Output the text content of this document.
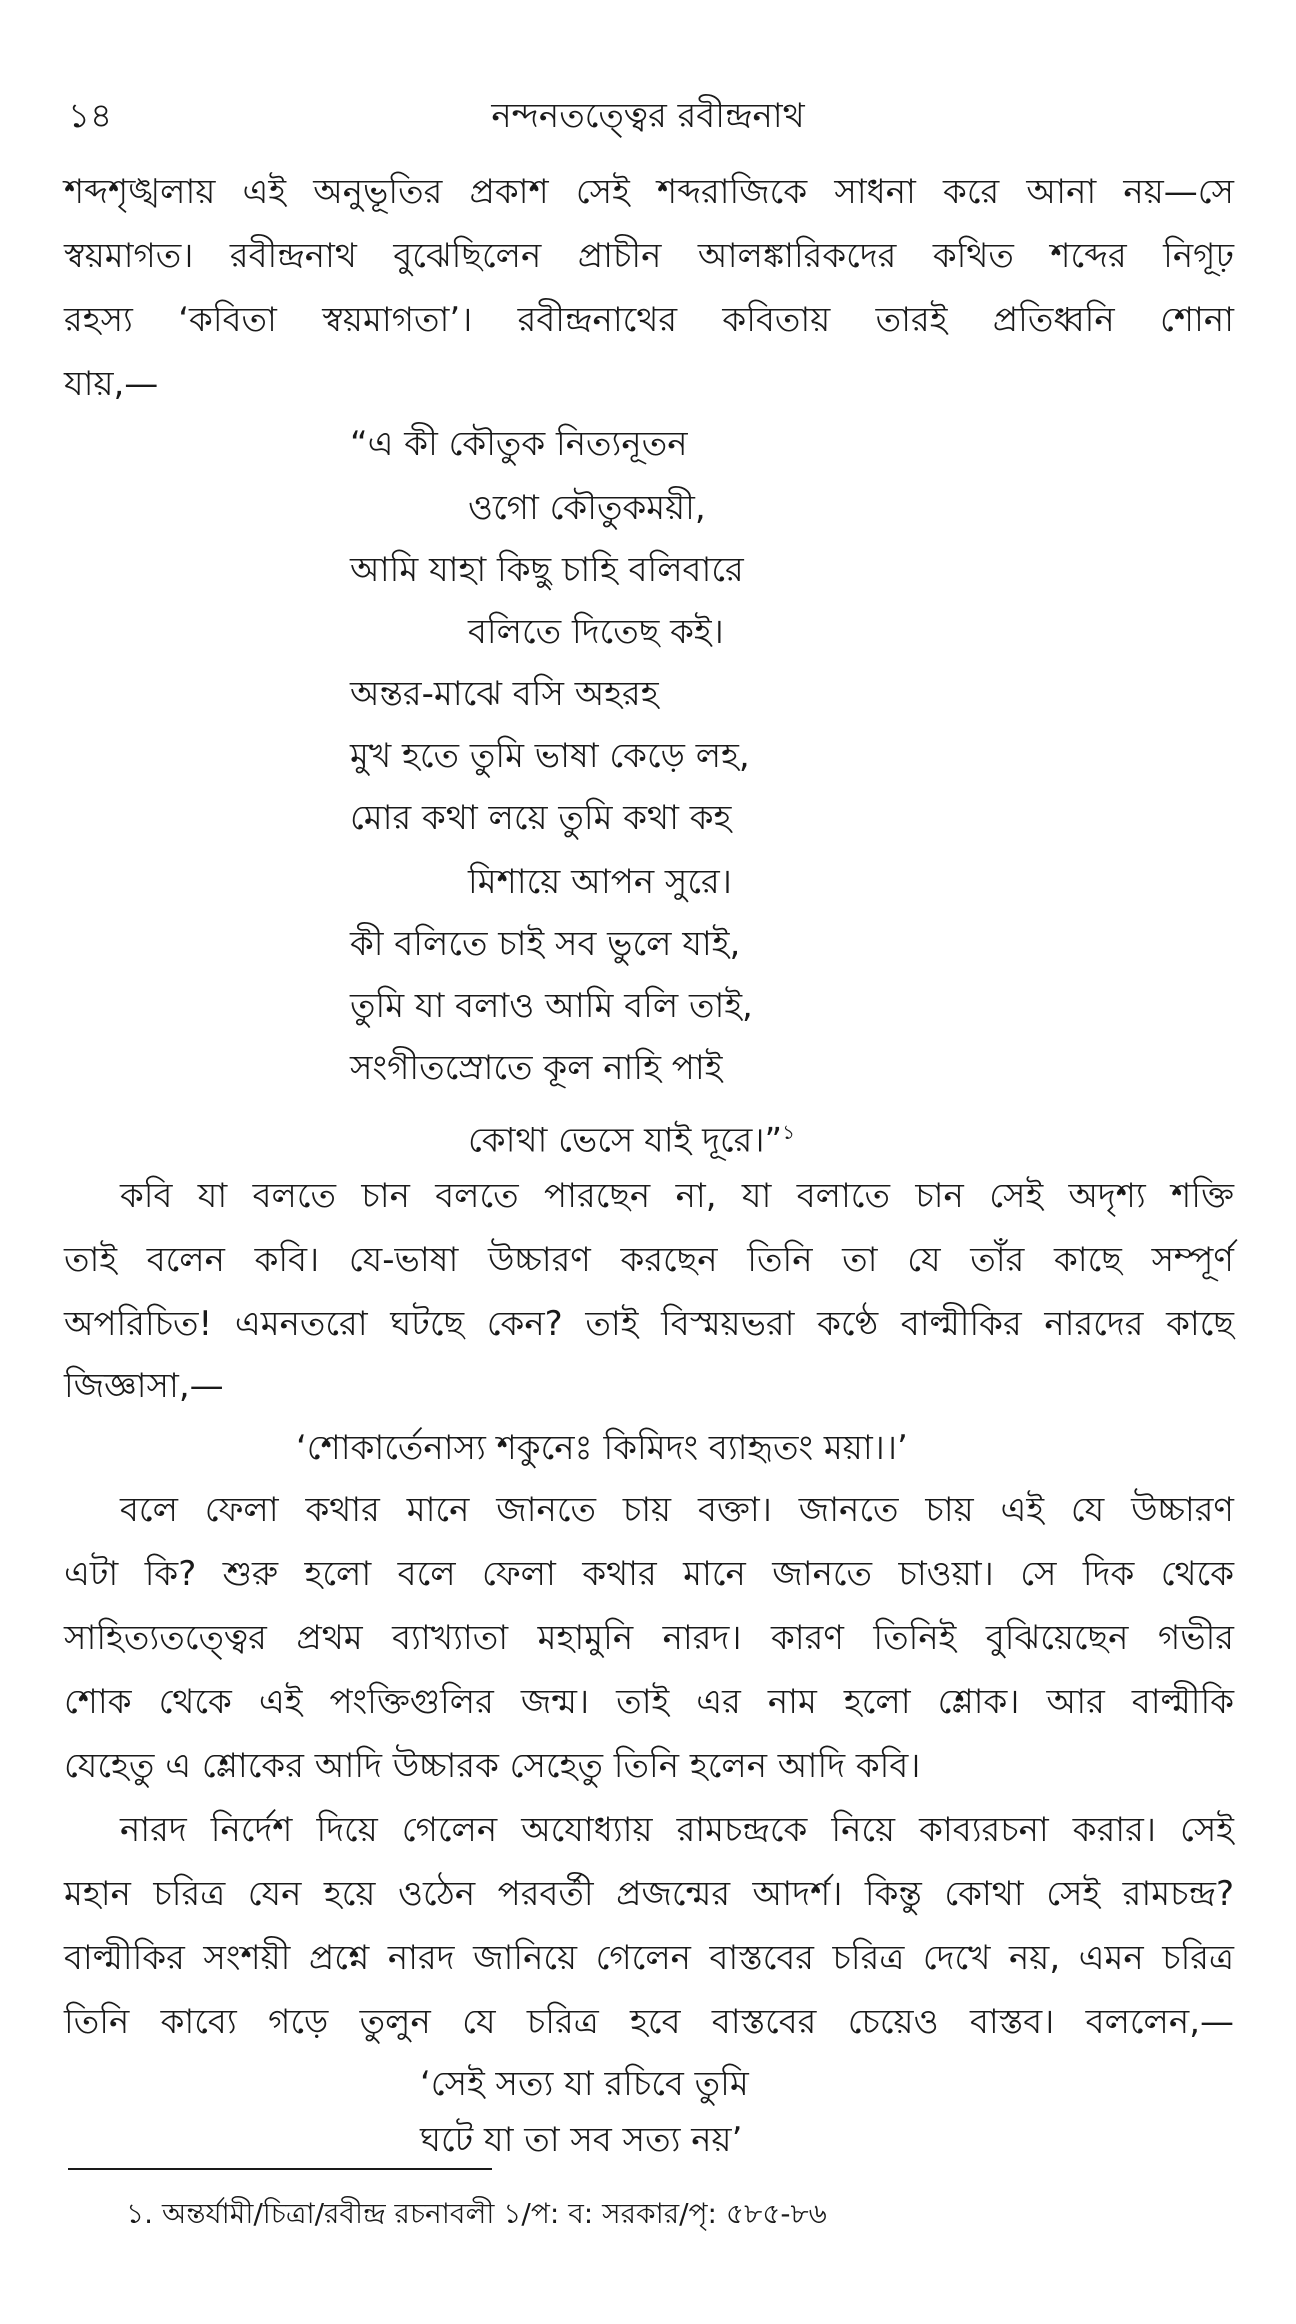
১৪	নন্দনতত্ত্বের রবীন্দ্রনাথ
শব্দশৃঙ্খলায় এই অনুভূতির প্রকাশ সেই শব্দরাজিকে সাধনা করে আনা নয়—সে
স্বয়মাগত। রবীন্দ্রনাথ বুঝেছিলেন প্রাচীন আলঙ্কারিকদের কথিত শব্দের নিগূঢ়
রহস্য ‘কবিতা স্বয়মাগতা’। রবীন্দ্রনাথের কবিতায় তারই প্রতিধ্বনি শোনা
যায়,—
“এ কী কৌতুক নিত্যনূতন
ওগো কৌতুকময়ী,
আমি যাহা কিছু চাহি বলিবারে
বলিতে দিতেছ কই।
অন্তর-মাঝে বসি অহরহ
মুখ হতে তুমি ভাষা কেড়ে লহ,
মোর কথা লয়ে তুমি কথা কহ
মিশায়ে আপন সুরে।
কী বলিতে চাই সব ভুলে যাই,
তুমি যা বলাও আমি বলি তাই,
সংগীতস্রোতে কূল নাহি পাই
কোথা ভেসে যাই দূরে।”$^১$
কবি যা বলতে চান বলতে পারছেন না, যা বলাতে চান সেই অদৃশ্য শক্তি
তাই বলেন কবি। যে-ভাষা উচ্চারণ করছেন তিনি তা যে তাঁর কাছে সম্পূর্ণ
অপরিচিত! এমনতরো ঘটছে কেন? তাই বিস্ময়ভরা কণ্ঠে বাল্মীকির নারদের কাছে
জিজ্ঞাসা,—
‘শোকার্তেনাস্য শকুনেঃ কিমিদং ব্যাহৃতং ময়া।।’
বলে ফেলা কথার মানে জানতে চায় বক্তা। জানতে চায় এই যে উচ্চারণ
এটা কি? শুরু হলো বলে ফেলা কথার মানে জানতে চাওয়া। সে দিক থেকে
সাহিত্যতত্ত্বের প্রথম ব্যাখ্যাতা মহামুনি নারদ। কারণ তিনিই বুঝিয়েছেন গভীর
শোক থেকে এই পংক্তিগুলির জন্ম। তাই এর নাম হলো শ্লোক। আর বাল্মীকি
যেহেতু এ শ্লোকের আদি উচ্চারক সেহেতু তিনি হলেন আদি কবি।
নারদ নির্দেশ দিয়ে গেলেন অযোধ্যায় রামচন্দ্রকে নিয়ে কাব্যরচনা করার। সেই
মহান চরিত্র যেন হয়ে ওঠেন পরবর্তী প্রজন্মের আদর্শ। কিন্তু কোথা সেই রামচন্দ্র?
বাল্মীকির সংশয়ী প্রশ্নে নারদ জানিয়ে গেলেন বাস্তবের চরিত্র দেখে নয়, এমন চরিত্র
তিনি কাব্যে গড়ে তুলুন যে চরিত্র হবে বাস্তবের চেয়েও বাস্তব। বললেন,—
‘সেই সত্য যা রচিবে তুমি
ঘটে যা তা সব সত্য নয়’
১. অন্তর্যামী/চিত্রা/রবীন্দ্র রচনাবলী ১/প: ব: সরকার/পৃ: ৫৮৫-৮৬
